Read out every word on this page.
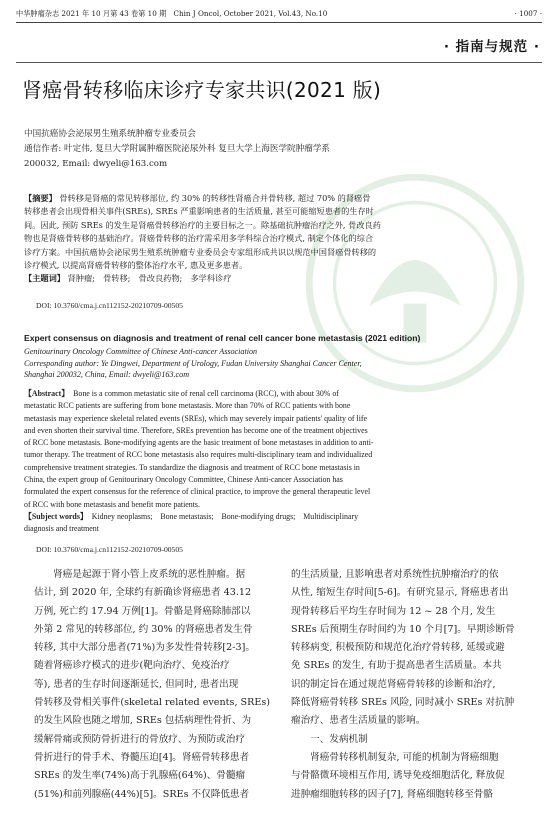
中华肿瘤杂志 2021 年 10 月第 43 卷第 10 期　Chin J Oncol, October 2021, Vol.43, No.10	· 1007 ·
· 指南与规范 ·
肾癌骨转移临床诊疗专家共识(2021 版)
中国抗癌协会泌尿男生殖系统肿瘤专业委员会
通信作者: 叶定伟, 复旦大学附属肿瘤医院泌尿外科 复旦大学上海医学院肿瘤学系
200032, Email: dwyeli@163.com
【摘要】 骨转移是肾癌的常见转移部位, 约 30% 的转移性肾癌合并骨转移, 超过 70% 的肾癌骨
转移患者会出现骨相关事件(SREs), SREs 严重影响患者的生活质量, 甚至可能缩短患者的生存时
间。因此, 预防 SREs 的发生是肾癌骨转移治疗的主要目标之一。除基础抗肿瘤治疗之外, 骨改良药
物也是肾癌骨转移的基础治疗。肾癌骨转移的治疗需采用多学科综合治疗模式, 制定个体化的综合
诊疗方案。中国抗癌协会泌尿男生殖系统肿瘤专业委员会专家组形成共识以规范中国肾癌骨转移的
诊疗模式, 以提高肾癌骨转移的整体治疗水平, 惠及更多患者。
【主题词】 肾肿瘤;　骨转移;　骨改良药物;　多学科诊疗
DOI: 10.3760/cma.j.cn112152-20210709-00505
Expert consensus on diagnosis and treatment of renal cell cancer bone metastasis (2021 edition)
Genitourinary Oncology Committee of Chinese Anti-cancer Association
Corresponding author: Ye Dingwei, Department of Urology, Fudan University Shanghai Cancer Center,
Shanghai 200032, China, Email: dwyeli@163.com
【Abstract】 Bone is a common metastatic site of renal cell carcinoma (RCC), with about 30% of
metastatic RCC patients are suffering from bone metastasis. More than 70% of RCC patients with bone
metastasis may experience skeletal related events (SREs), which may severely impair patients' quality of life
and even shorten their survival time. Therefore, SREs prevention has become one of the treatment objectives
of RCC bone metastasis. Bone-modifying agents are the basic treatment of bone metastases in addition to anti-
tumor therapy. The treatment of RCC bone metastasis also requires multi-disciplinary team and individualized
comprehensive treatment strategies. To standardize the diagnosis and treatment of RCC bone metastasis in
China, the expert group of Genitourinary Oncology Committee, Chinese Anti-cancer Association has
formulated the expert consensus for the reference of clinical practice, to improve the general therapeutic level
of RCC with bone metastasis and benefit more patients.
【Subject words】 Kidney neoplasms;　Bone metastasis;　Bone-modifying drugs;　Multidisciplinary
diagnosis and treatment
DOI: 10.3760/cma.j.cn112152-20210709-00505
　　肾癌是起源于肾小管上皮系统的恶性肿瘤。据
估计, 到 2020 年, 全球约有新确诊肾癌患者 43.12
万例, 死亡约 17.94 万例[1]。骨骼是肾癌除肺部以
外第 2 常见的转移部位, 约 30% 的肾癌患者发生骨
转移, 其中大部分患者(71%)为多发性骨转移[2-3]。
随着肾癌诊疗模式的进步(靶向治疗、免疫治疗
等), 患者的生存时间逐渐延长, 但同时, 患者出现
骨转移及骨相关事件(skeletal related events, SREs)
的发生风险也随之增加, SREs 包括病理性骨折、为
缓解骨痛或预防骨折进行的骨放疗、为预防或治疗
骨折进行的骨手术、脊髓压迫[4]。肾癌骨转移患者
SREs 的发生率(74%)高于乳腺癌(64%)、骨髓瘤
(51%)和前列腺癌(44%)[5]。SREs 不仅降低患者
的生活质量, 且影响患者对系统性抗肿瘤治疗的依
从性, 缩短生存时间[5-6]。有研究显示, 肾癌患者出
现骨转移后平均生存时间为 12 ~ 28 个月, 发生
SREs 后预期生存时间约为 10 个月[7]。早期诊断骨
转移病变, 积极预防和规范化治疗骨转移, 延缓或避
免 SREs 的发生, 有助于提高患者生活质量。本共
识的制定旨在通过规范肾癌骨转移的诊断和治疗,
降低肾癌骨转移 SREs 风险, 同时减小 SREs 对抗肿
瘤治疗、患者生活质量的影响。
　　一、发病机制
　　肾癌骨转移机制复杂, 可能的机制为肾癌细胞
与骨骼微环境相互作用, 诱导免疫细胞活化, 释放促
进肿瘤细胞转移的因子[7], 肾癌细胞转移至骨骼
